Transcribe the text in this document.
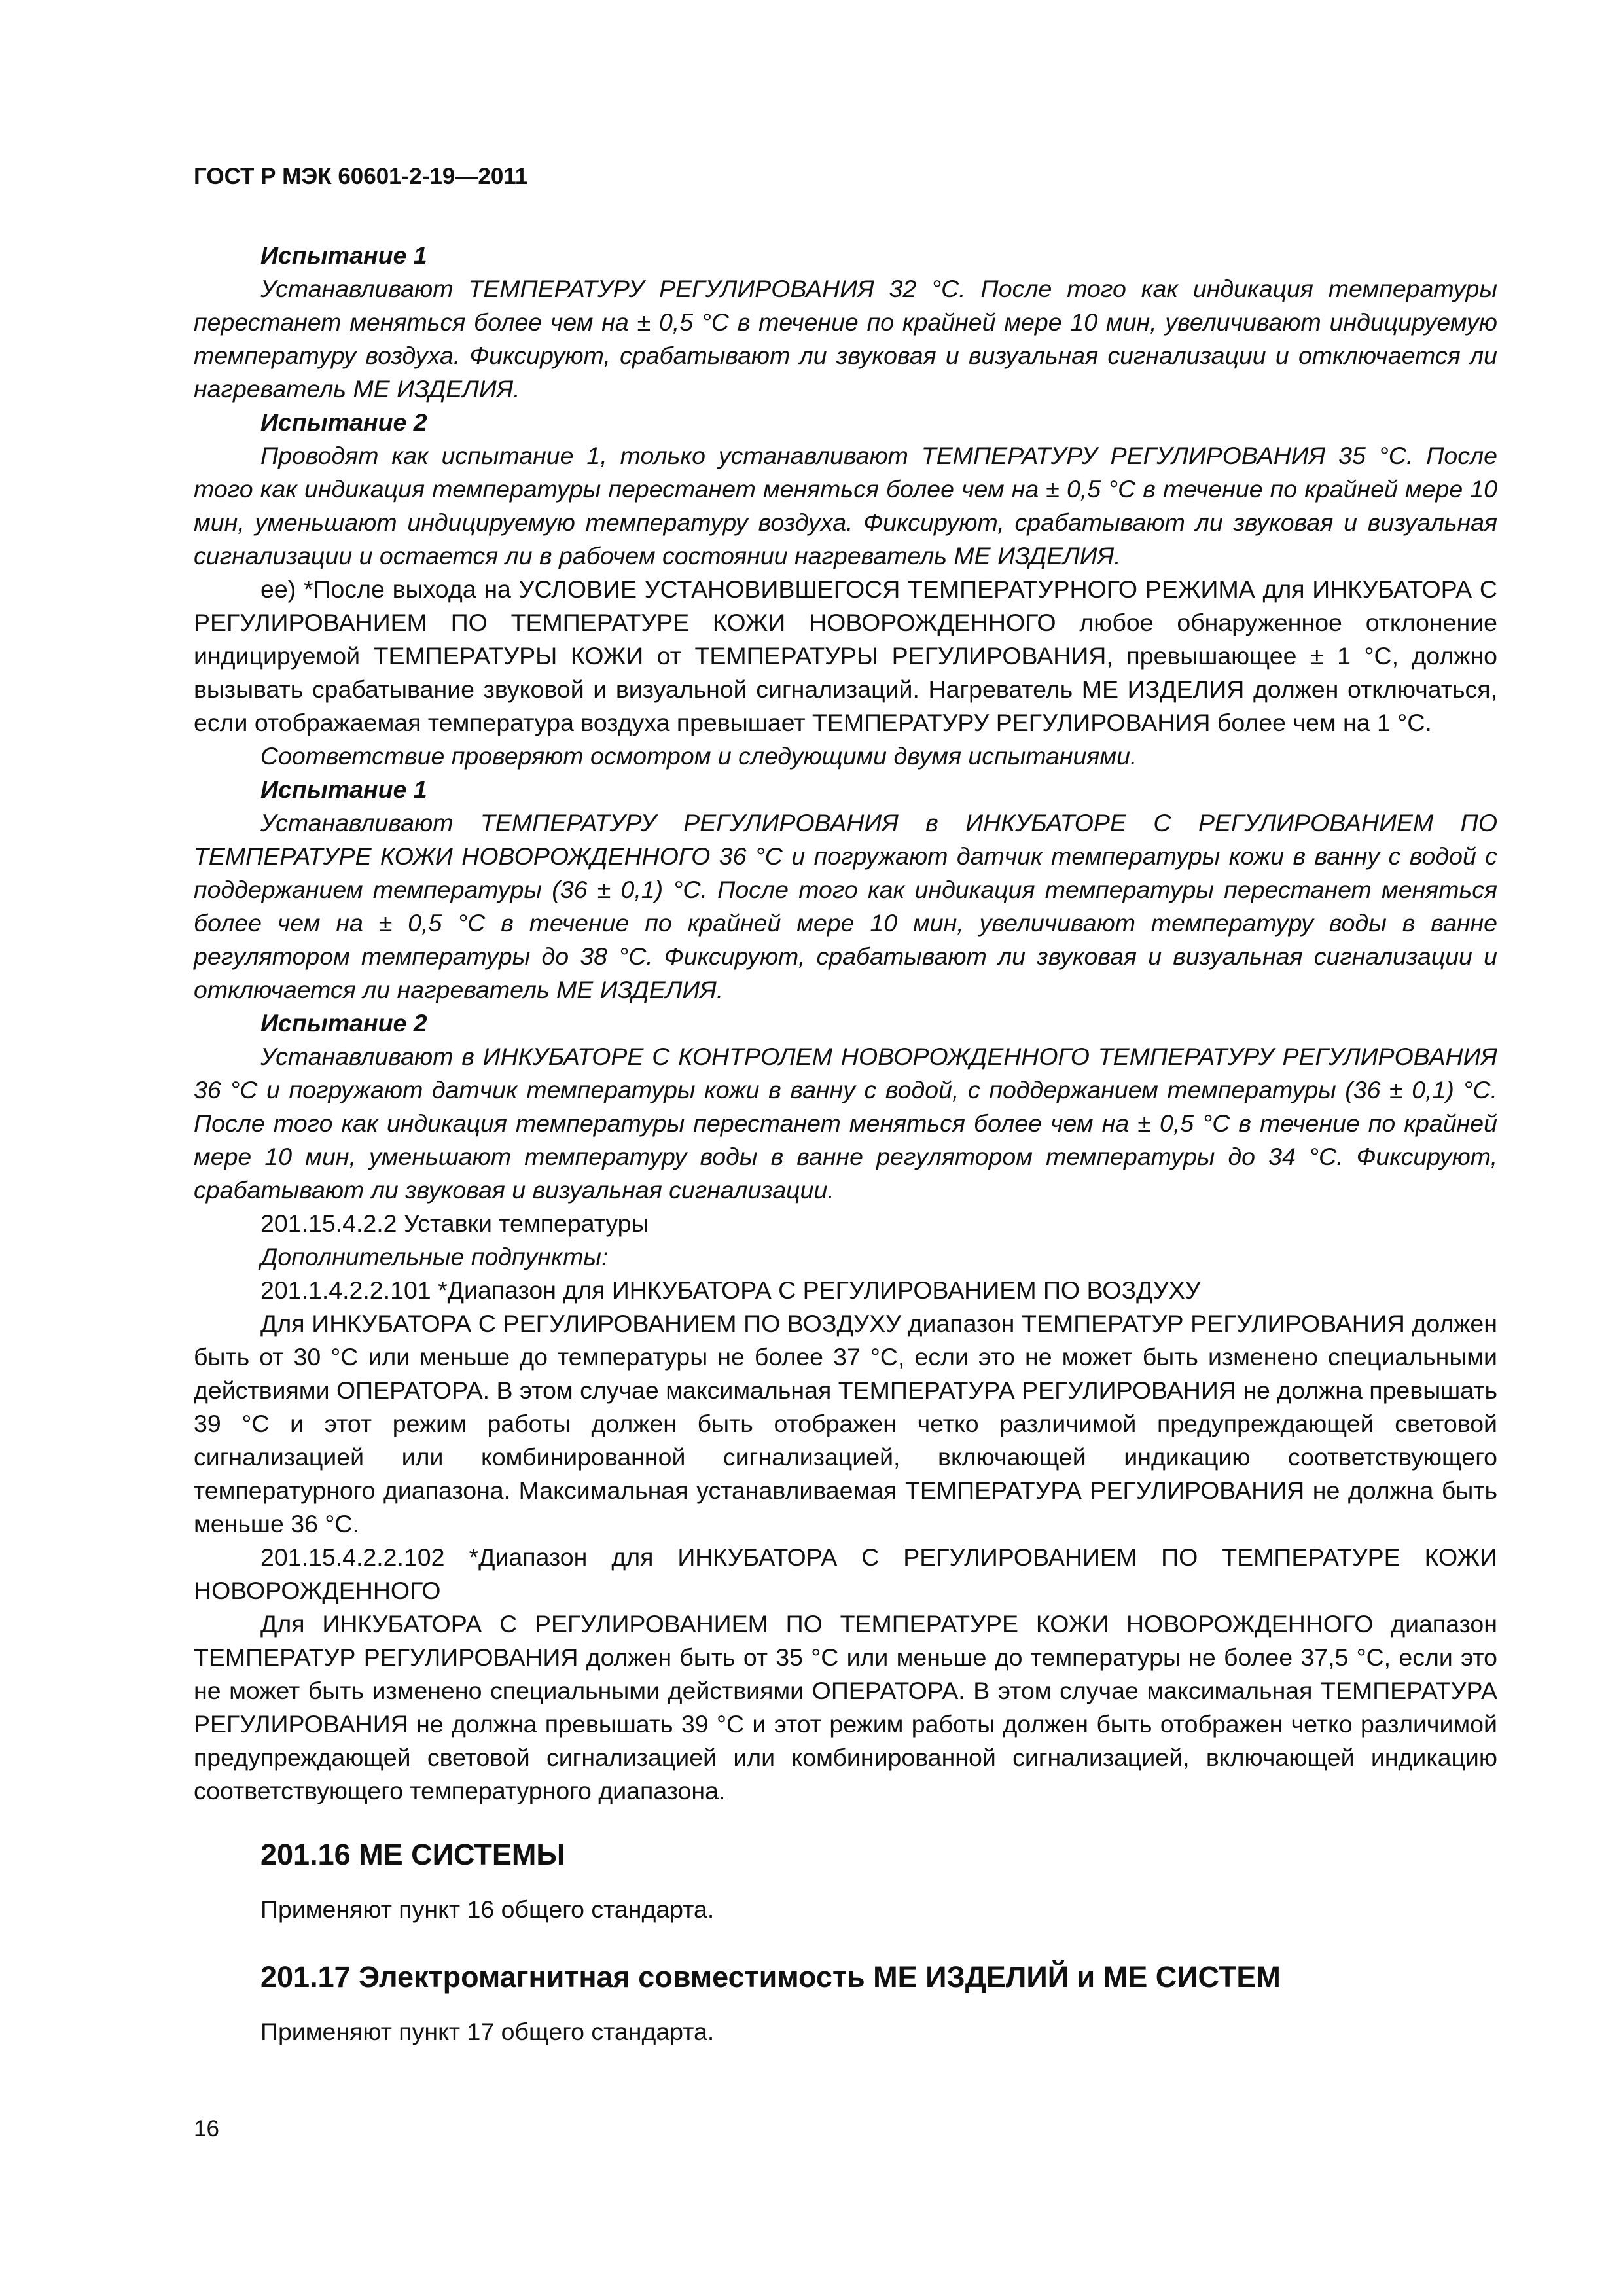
ГОСТ Р МЭК 60601-2-19—2011

Испытание 1

Устанавливают ТЕМПЕРАТУРУ РЕГУЛИРОВАНИЯ 32 °С. После того как индикация температуры перестанет меняться более чем на ± 0,5 °С в течение по крайней мере 10 мин, увеличивают индицируемую температуру воздуха. Фиксируют, срабатывают ли звуковая и визуальная сигнализации и отключается ли нагреватель МЕ ИЗДЕЛИЯ.

Испытание 2

Проводят как испытание 1, только устанавливают ТЕМПЕРАТУРУ РЕГУЛИРОВАНИЯ 35 °С. После того как индикация температуры перестанет меняться более чем на ± 0,5 °С в течение по крайней мере 10 мин, уменьшают индицируемую температуру воздуха. Фиксируют, срабатывают ли звуковая и визуальная сигнализации и остается ли в рабочем состоянии нагреватель МЕ ИЗДЕЛИЯ.

ее) *После выхода на УСЛОВИЕ УСТАНОВИВШЕГОСЯ ТЕМПЕРАТУРНОГО РЕЖИМА для ИНКУБАТОРА С РЕГУЛИРОВАНИЕМ ПО ТЕМПЕРАТУРЕ КОЖИ НОВОРОЖДЕННОГО любое обнаруженное отклонение индицируемой ТЕМПЕРАТУРЫ КОЖИ от ТЕМПЕРАТУРЫ РЕГУЛИРОВАНИЯ, превышающее ± 1 °С, должно вызывать срабатывание звуковой и визуальной сигнализаций. Нагреватель МЕ ИЗДЕЛИЯ должен отключаться, если отображаемая температура воздуха превышает ТЕМПЕРАТУРУ РЕГУЛИРОВАНИЯ более чем на 1 °С.

Соответствие проверяют осмотром и следующими двумя испытаниями.

Испытание 1

Устанавливают ТЕМПЕРАТУРУ РЕГУЛИРОВАНИЯ в ИНКУБАТОРЕ С РЕГУЛИРОВАНИЕМ ПО ТЕМПЕРАТУРЕ КОЖИ НОВОРОЖДЕННОГО 36 °С и погружают датчик температуры кожи в ванну с водой с поддержанием температуры (36 ± 0,1) °С. После того как индикация температуры перестанет меняться более чем на ± 0,5 °С в течение по крайней мере 10 мин, увеличивают температуру воды в ванне регулятором температуры до 38 °С. Фиксируют, срабатывают ли звуковая и визуальная сигнализации и отключается ли нагреватель МЕ ИЗДЕЛИЯ.

Испытание 2

Устанавливают в ИНКУБАТОРЕ С КОНТРОЛЕМ НОВОРОЖДЕННОГО ТЕМПЕРАТУРУ РЕГУЛИРОВАНИЯ 36 °С и погружают датчик температуры кожи в ванну с водой, с поддержанием температуры (36 ± 0,1) °С. После того как индикация температуры перестанет меняться более чем на ± 0,5 °С в течение по крайней мере 10 мин, уменьшают температуру воды в ванне регулятором температуры до 34 °С. Фиксируют, срабатывают ли звуковая и визуальная сигнализации.

201.15.4.2.2 Уставки температуры

Дополнительные подпункты:

201.1.4.2.2.101 *Диапазон для ИНКУБАТОРА С РЕГУЛИРОВАНИЕМ ПО ВОЗДУХУ

Для ИНКУБАТОРА С РЕГУЛИРОВАНИЕМ ПО ВОЗДУХУ диапазон ТЕМПЕРАТУР РЕГУЛИРОВАНИЯ должен быть от 30 °С или меньше до температуры не более 37 °С, если это не может быть изменено специальными действиями ОПЕРАТОРА. В этом случае максимальная ТЕМПЕРАТУРА РЕГУЛИРОВАНИЯ не должна превышать 39 °С и этот режим работы должен быть отображен четко различимой предупреждающей световой сигнализацией или комбинированной сигнализацией, включающей индикацию соответствующего температурного диапазона. Максимальная устанавливаемая ТЕМПЕРАТУРА РЕГУЛИРОВАНИЯ не должна быть меньше 36 °С.

201.15.4.2.2.102 *Диапазон для ИНКУБАТОРА С РЕГУЛИРОВАНИЕМ ПО ТЕМПЕРАТУРЕ КОЖИ НОВОРОЖДЕННОГО

Для ИНКУБАТОРА С РЕГУЛИРОВАНИЕМ ПО ТЕМПЕРАТУРЕ КОЖИ НОВОРОЖДЕННОГО диапазон ТЕМПЕРАТУР РЕГУЛИРОВАНИЯ должен быть от 35 °С или меньше до температуры не более 37,5 °С, если это не может быть изменено специальными действиями ОПЕРАТОРА. В этом случае максимальная ТЕМПЕРАТУРА РЕГУЛИРОВАНИЯ не должна превышать 39 °С и этот режим работы должен быть отображен четко различимой предупреждающей световой сигнализацией или комбинированной сигнализацией, включающей индикацию соответствующего температурного диапазона.

201.16 МЕ СИСТЕМЫ

Применяют пункт 16 общего стандарта.

201.17 Электромагнитная совместимость МЕ ИЗДЕЛИЙ и МЕ СИСТЕМ

Применяют пункт 17 общего стандарта.

16
